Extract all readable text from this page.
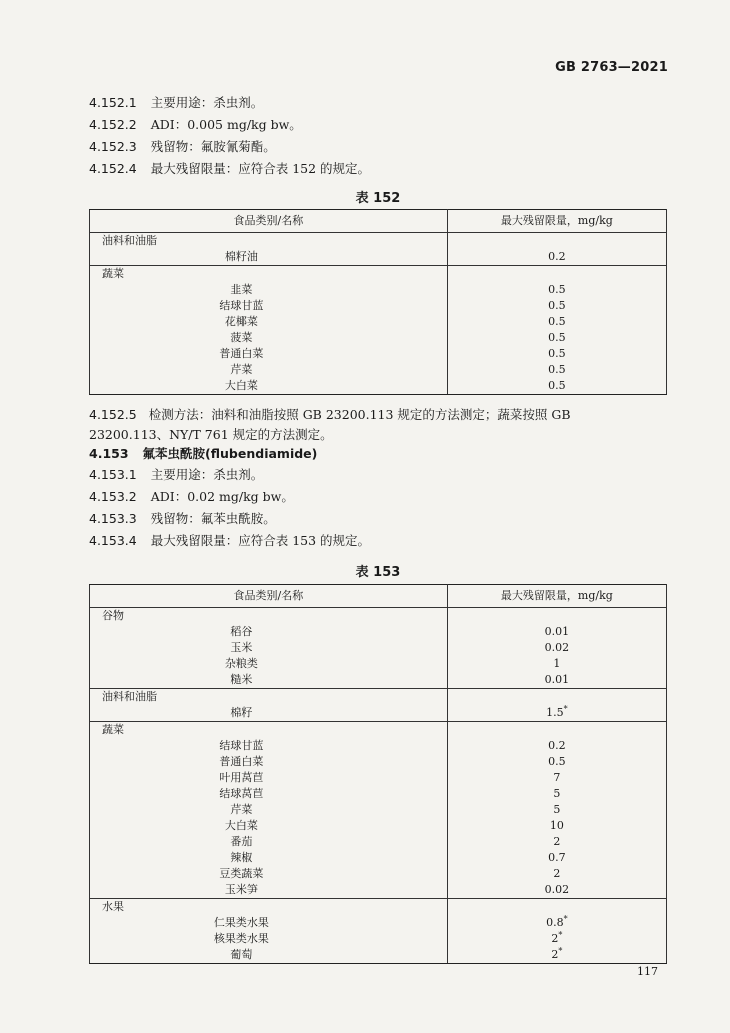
GB 2763—2021
4.152.1 主要用途：杀虫剂。
4.152.2 ADI：0.005 mg/kg bw。
4.152.3 残留物：氟胺氰菊酯。
4.152.4 最大残留限量：应符合表 152 的规定。
表 152
食品类别/名称	最大残留限量，mg/kg
油料和油脂	
棉籽油	0.2
蔬菜	
韭菜	0.5
结球甘蓝	0.5
花椰菜	0.5
菠菜	0.5
普通白菜	0.5
芹菜	0.5
大白菜	0.5
4.152.5 检测方法：油料和油脂按照 GB 23200.113 规定的方法测定；蔬菜按照 GB 23200.113、NY/T 761 规定的方法测定。
4.153 氟苯虫酰胺(flubendiamide)
4.153.1 主要用途：杀虫剂。
4.153.2 ADI：0.02 mg/kg bw。
4.153.3 残留物：氟苯虫酰胺。
4.153.4 最大残留限量：应符合表 153 的规定。
表 153
食品类别/名称	最大残留限量，mg/kg
谷物	
稻谷	0.01
玉米	0.02
杂粮类	1
糙米	0.01
油料和油脂	
棉籽	1.5*
蔬菜	
结球甘蓝	0.2
普通白菜	0.5
叶用莴苣	7
结球莴苣	5
芹菜	5
大白菜	10
番茄	2
辣椒	0.7
豆类蔬菜	2
玉米笋	0.02
水果	
仁果类水果	0.8*
核果类水果	2*
葡萄	2*
117
